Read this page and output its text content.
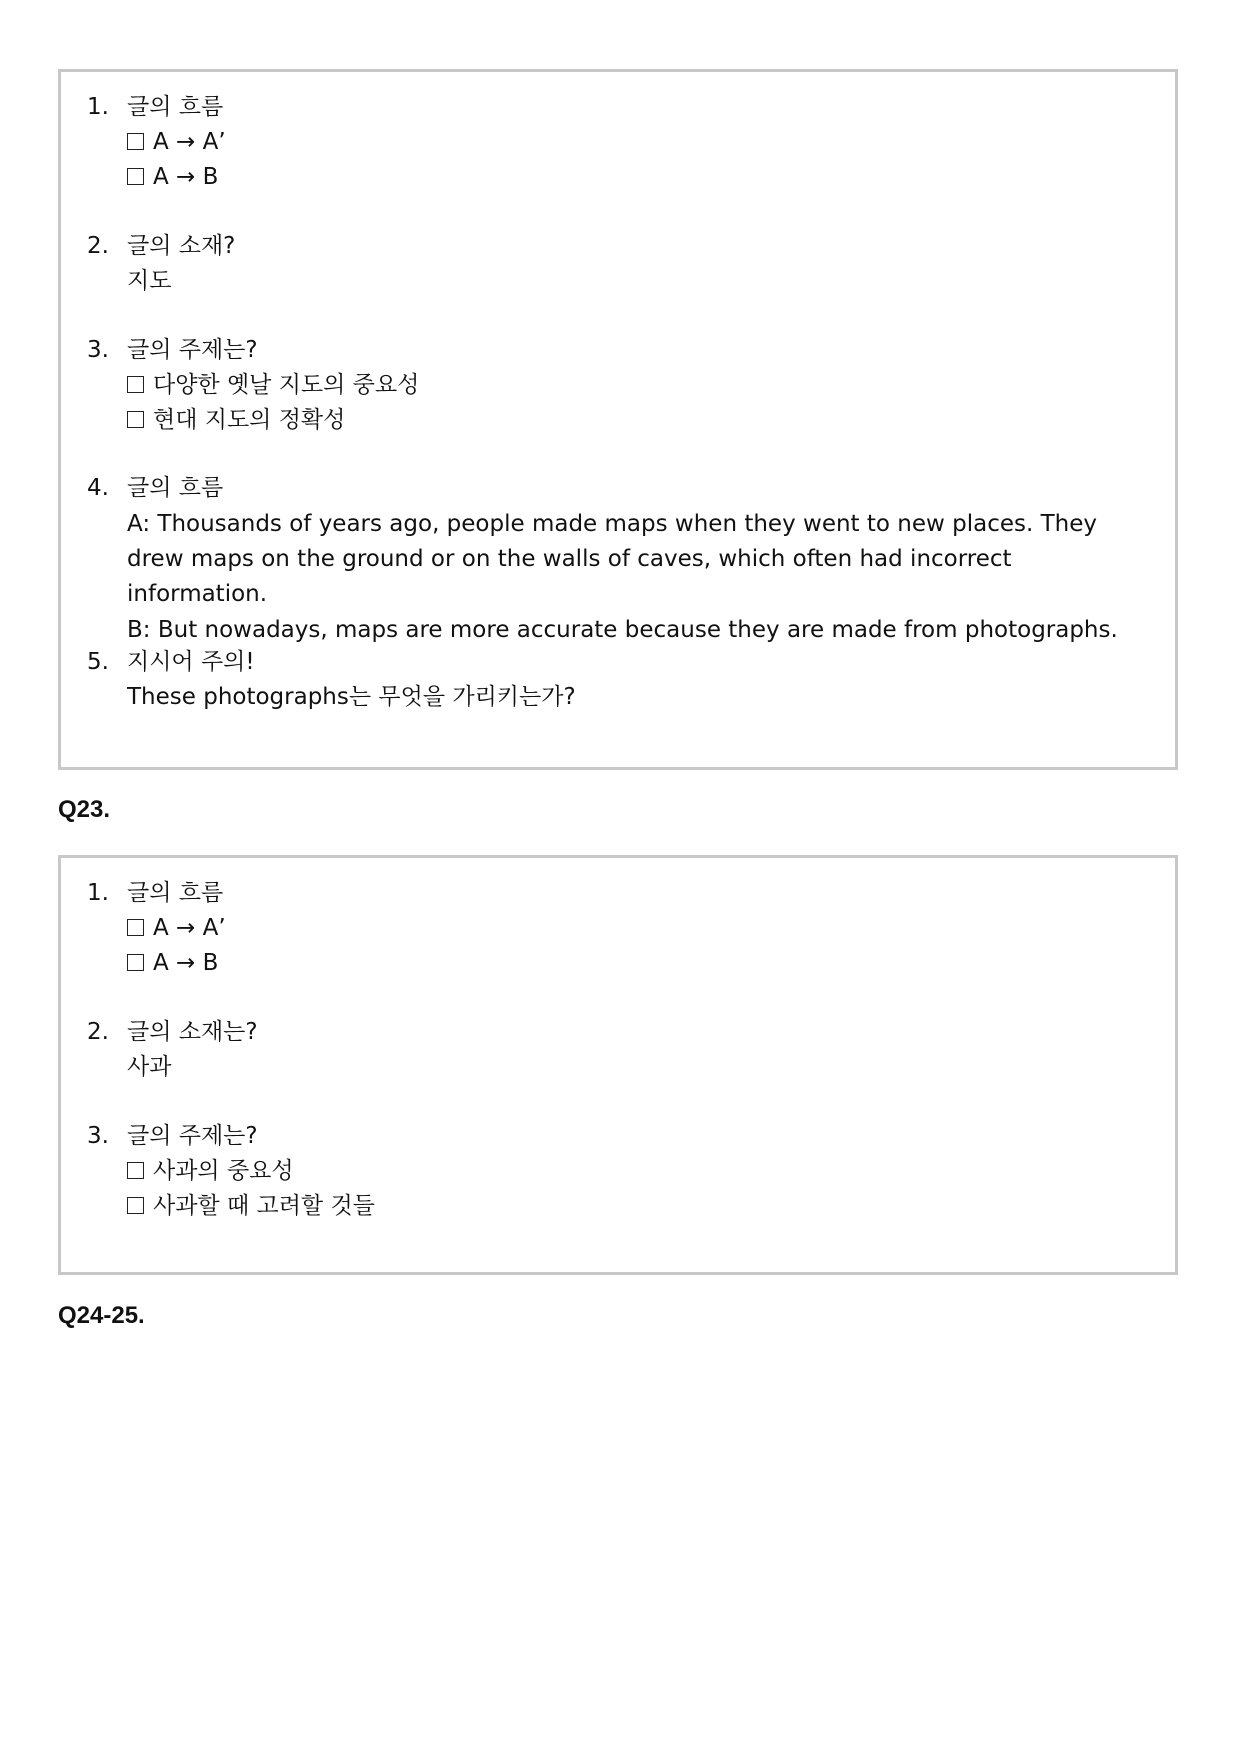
1. 글의 흐름
A → A’
A → B
2. 글의 소재?
지도
3. 글의 주제는?
다양한 옛날 지도의 중요성
현대 지도의 정확성
4. 글의 흐름
A: Thousands of years ago, people made maps when they went to new places. They drew maps on the ground or on the walls of caves, which often had incorrect information.
B: But nowadays, maps are more accurate because they are made from photographs.
5. 지시어 주의!
These photographs는 무엇을 가리키는가?
Q23.
1. 글의 흐름
A → A’
A → B
2. 글의 소재는?
사과
3. 글의 주제는?
사과의 중요성
사과할 때 고려할 것들
Q24-25.
